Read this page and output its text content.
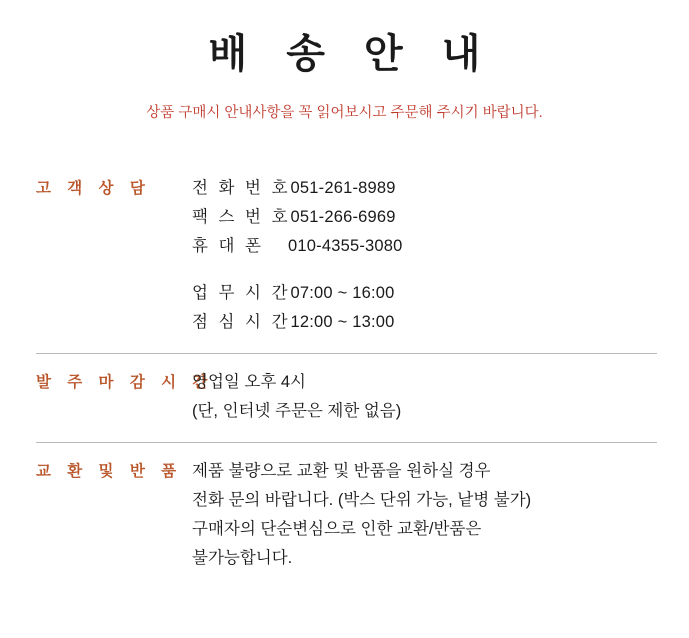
배 송 안 내

상품 구매시 안내사항을 꼭 읽어보시고 주문해 주시기 바랍니다.

고 객 상 담	전 화 번 호051-261-8989
팩 스 번 호051-266-6969
휴 대 폰 010-4355-3080
업 무 시 간07:00 ~ 16:00
점 심 시 간12:00 ~ 13:00
발 주 마 감 시 간
영업일 오후 4시
(단, 인터넷 주문은 제한 없음)
교 환 및 반 품 제품 불량으로 교환 및 반품을 원하실 경우
전화 문의 바랍니다. (박스 단위 가능, 낱병 불가)
구매자의 단순변심으로 인한 교환/반품은
불가능합니다.
